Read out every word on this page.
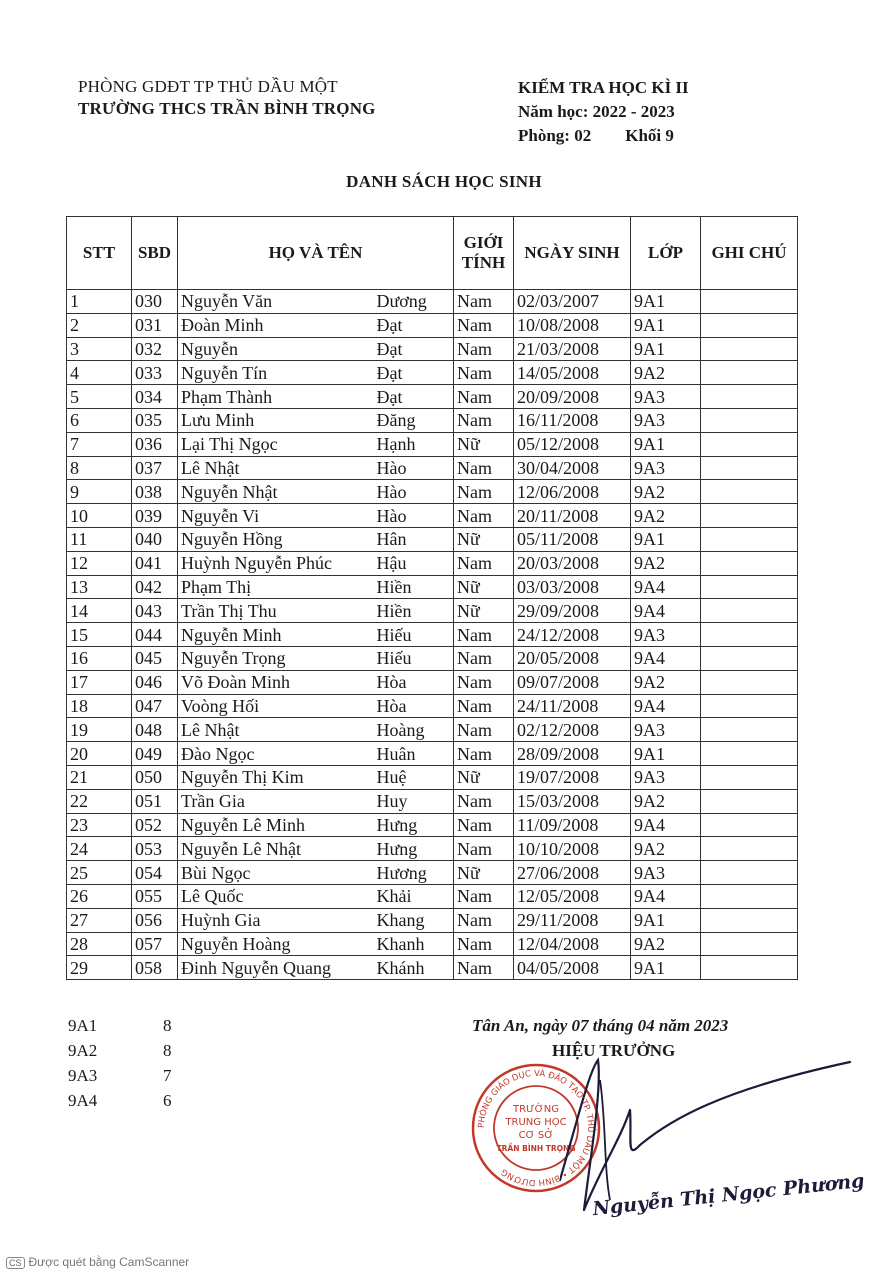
PHÒNG GDĐT TP THỦ DẦU MỘT
TRƯỜNG THCS TRẦN BÌNH TRỌNG
KIỂM TRA HỌC KÌ II
Năm học: 2022 - 2023
Phòng: 02 Khối 9
DANH SÁCH HỌC SINH
STT	SBD	HỌ VÀ TÊN		GIỚI TÍNH	NGÀY SINH	LỚP	GHI CHÚ
1	030	Nguyễn Văn	Dương	Nam	02/03/2007	9A1	
2	031	Đoàn Minh	Đạt	Nam	10/08/2008	9A1	
3	032	Nguyễn	Đạt	Nam	21/03/2008	9A1	
4	033	Nguyễn Tín	Đạt	Nam	14/05/2008	9A2	
5	034	Phạm Thành	Đạt	Nam	20/09/2008	9A3	
6	035	Lưu Minh	Đăng	Nam	16/11/2008	9A3	
7	036	Lại Thị Ngọc	Hạnh	Nữ	05/12/2008	9A1	
8	037	Lê Nhật	Hào	Nam	30/04/2008	9A3	
9	038	Nguyễn Nhật	Hào	Nam	12/06/2008	9A2	
10	039	Nguyễn Vi	Hào	Nam	20/11/2008	9A2	
11	040	Nguyễn Hồng	Hân	Nữ	05/11/2008	9A1	
12	041	Huỳnh Nguyễn Phúc	Hậu	Nam	20/03/2008	9A2	
13	042	Phạm Thị	Hiền	Nữ	03/03/2008	9A4	
14	043	Trần Thị Thu	Hiền	Nữ	29/09/2008	9A4	
15	044	Nguyễn Minh	Hiếu	Nam	24/12/2008	9A3	
16	045	Nguyễn Trọng	Hiếu	Nam	20/05/2008	9A4	
17	046	Võ Đoàn Minh	Hòa	Nam	09/07/2008	9A2	
18	047	Voòng Hối	Hòa	Nam	24/11/2008	9A4	
19	048	Lê Nhật	Hoàng	Nam	02/12/2008	9A3	
20	049	Đào Ngọc	Huân	Nam	28/09/2008	9A1	
21	050	Nguyễn Thị Kim	Huệ	Nữ	19/07/2008	9A3	
22	051	Trần Gia	Huy	Nam	15/03/2008	9A2	
23	052	Nguyễn Lê Minh	Hưng	Nam	11/09/2008	9A4	
24	053	Nguyễn Lê Nhật	Hưng	Nam	10/10/2008	9A2	
25	054	Bùi Ngọc	Hương	Nữ	27/06/2008	9A3	
26	055	Lê Quốc	Khải	Nam	12/05/2008	9A4	
27	056	Huỳnh Gia	Khang	Nam	29/11/2008	9A1	
28	057	Nguyễn Hoàng	Khanh	Nam	12/04/2008	9A2	
29	058	Đinh Nguyễn Quang	Khánh	Nam	04/05/2008	9A1	
9A1	8
9A2	8
9A3	7
9A4	6
Tân An, ngày 07 tháng 04 năm 2023
HIỆU TRƯỞNG
PHÒNG GIÁO DỤC VÀ ĐÀO TẠO TP. THỦ DẦU MỘT • BÌNH DƯƠNG
TRƯỜNG
TRUNG HỌC
CƠ SỞ
TRẦN BÌNH TRỌNG
Nguyễn Thị Ngọc Phương
CS Được quét bằng CamScanner
